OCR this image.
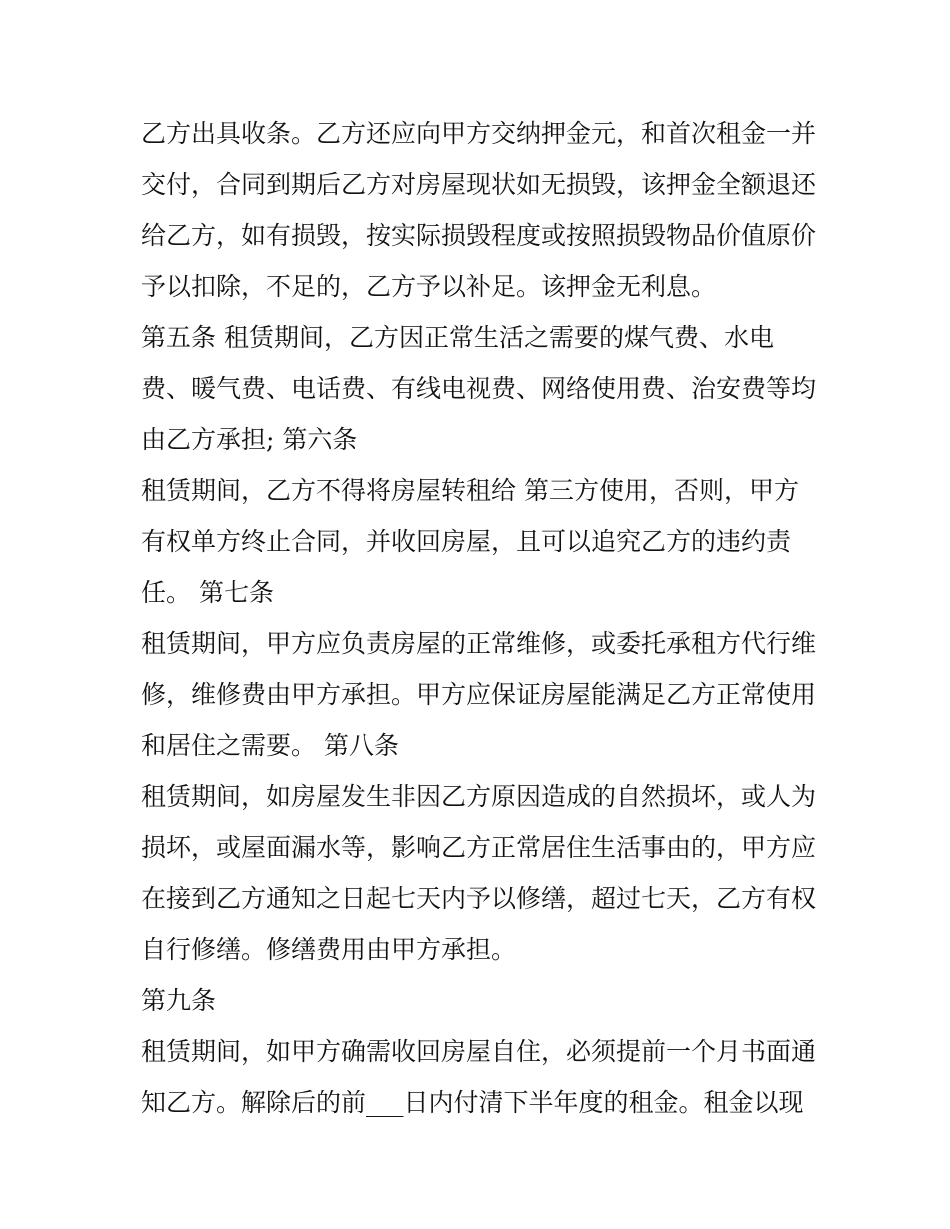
乙方出具收条。乙方还应向甲方交纳押金元，和首次租金一并
交付，合同到期后乙方对房屋现状如无损毁，该押金全额退还
给乙方，如有损毁，按实际损毁程度或按照损毁物品价值原价
予以扣除，不足的，乙方予以补足。该押金无利息。
第五条 租赁期间，乙方因正常生活之需要的煤气费、水电
费、暖气费、电话费、有线电视费、网络使用费、治安费等均
由乙方承担; 第六条
租赁期间，乙方不得将房屋转租给 第三方使用，否则，甲方
有权单方终止合同，并收回房屋，且可以追究乙方的违约责
任。 第七条
租赁期间，甲方应负责房屋的正常维修，或委托承租方代行维
修，维修费由甲方承担。甲方应保证房屋能满足乙方正常使用
和居住之需要。 第八条
租赁期间，如房屋发生非因乙方原因造成的自然损坏，或人为
损坏，或屋面漏水等，影响乙方正常居住生活事由的，甲方应
在接到乙方通知之日起七天内予以修缮，超过七天，乙方有权
自行修缮。修缮费用由甲方承担。
第九条
租赁期间，如甲方确需收回房屋自住，必须提前一个月书面通
知乙方。解除后的前___日内付清下半年度的租金。租金以现
